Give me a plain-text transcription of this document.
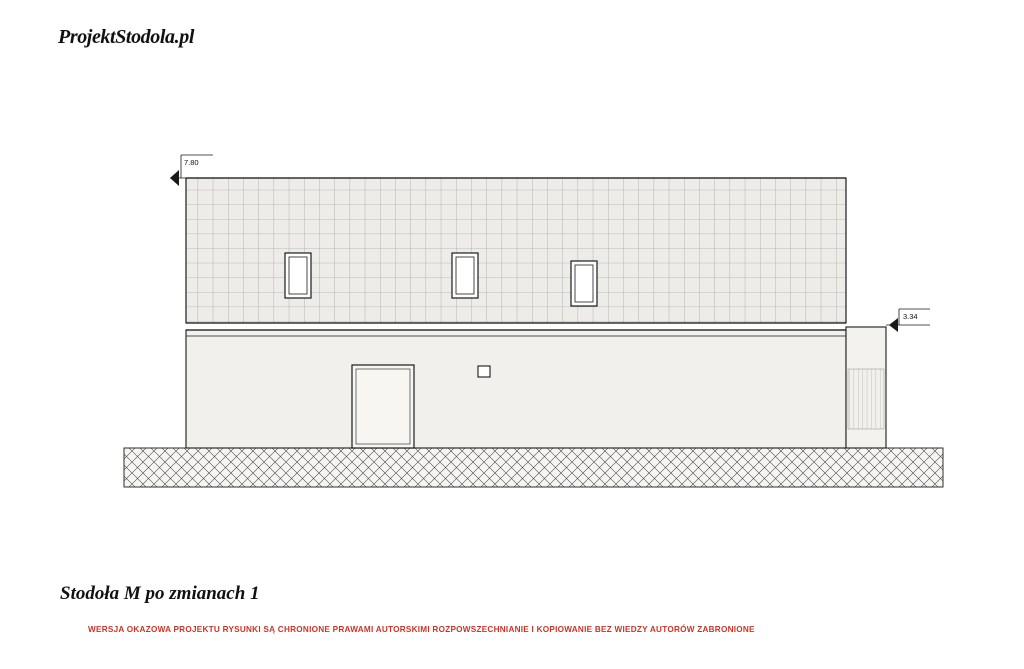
ProjektStodola.pl
7.80
3.34
Stodoła M po zmianach 1
WERSJA OKAZOWA PROJEKTU RYSUNKI SĄ CHRONIONE PRAWAMI AUTORSKIMI ROZPOWSZECHNIANIE I KOPIOWANIE BEZ WIEDZY AUTORÓW ZABRONIONE
